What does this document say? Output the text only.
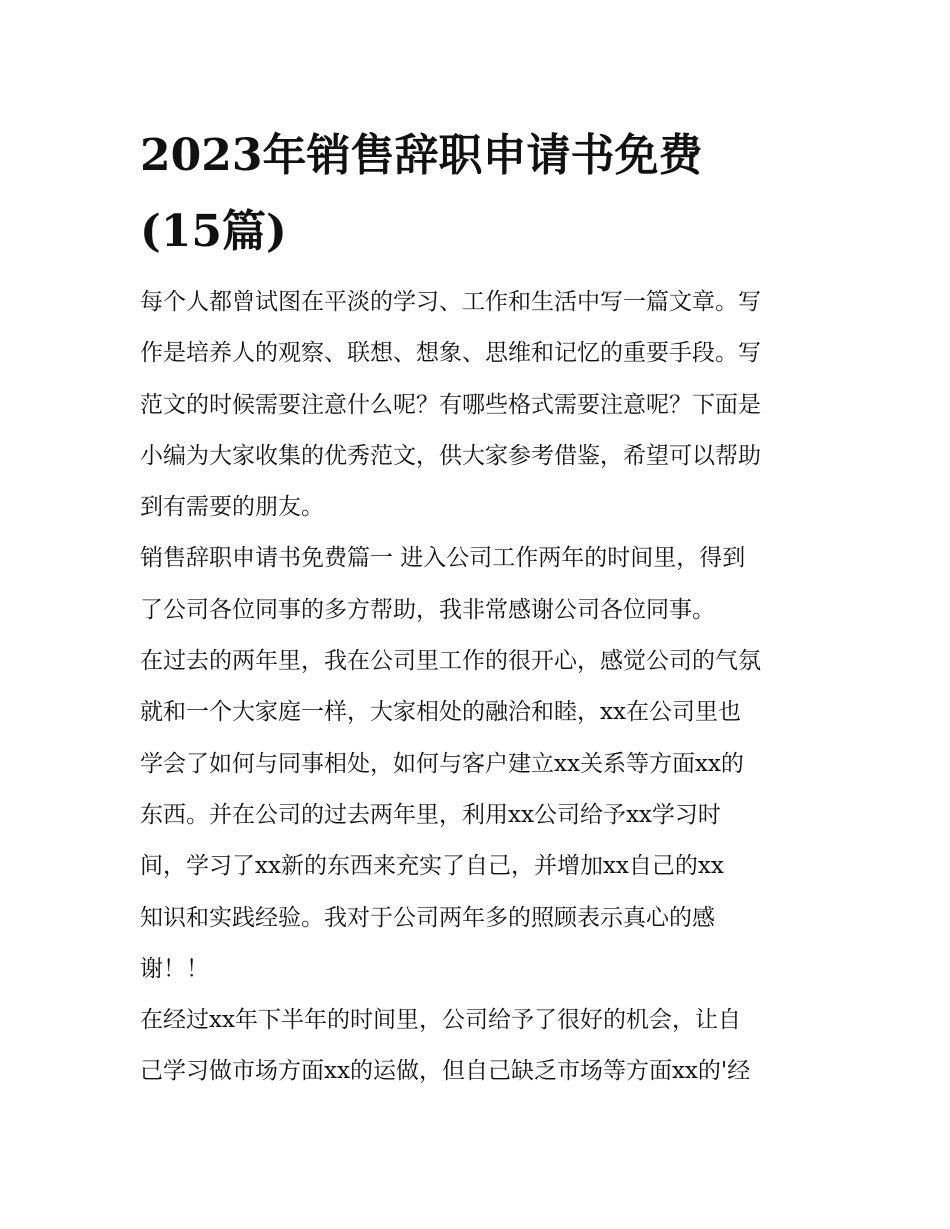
2023年销售辞职申请书免费
(15篇)
每个人都曾试图在平淡的学习、工作和生活中写一篇文章。写
作是培养人的观察、联想、想象、思维和记忆的重要手段。写
范文的时候需要注意什么呢？有哪些格式需要注意呢？下面是
小编为大家收集的优秀范文，供大家参考借鉴，希望可以帮助
到有需要的朋友。
销售辞职申请书免费篇一 进入公司工作两年的时间里，得到
了公司各位同事的多方帮助，我非常感谢公司各位同事。
在过去的两年里，我在公司里工作的很开心，感觉公司的气氛
就和一个大家庭一样，大家相处的融洽和睦，xx在公司里也
学会了如何与同事相处，如何与客户建立xx关系等方面xx的
东西。并在公司的过去两年里，利用xx公司给予xx学习时
间，学习了xx新的东西来充实了自己，并增加xx自己的xx
知识和实践经验。我对于公司两年多的照顾表示真心的感
谢！！
在经过xx年下半年的时间里，公司给予了很好的机会，让自
己学习做市场方面xx的运做，但自己缺乏市场等方面xx的'经
